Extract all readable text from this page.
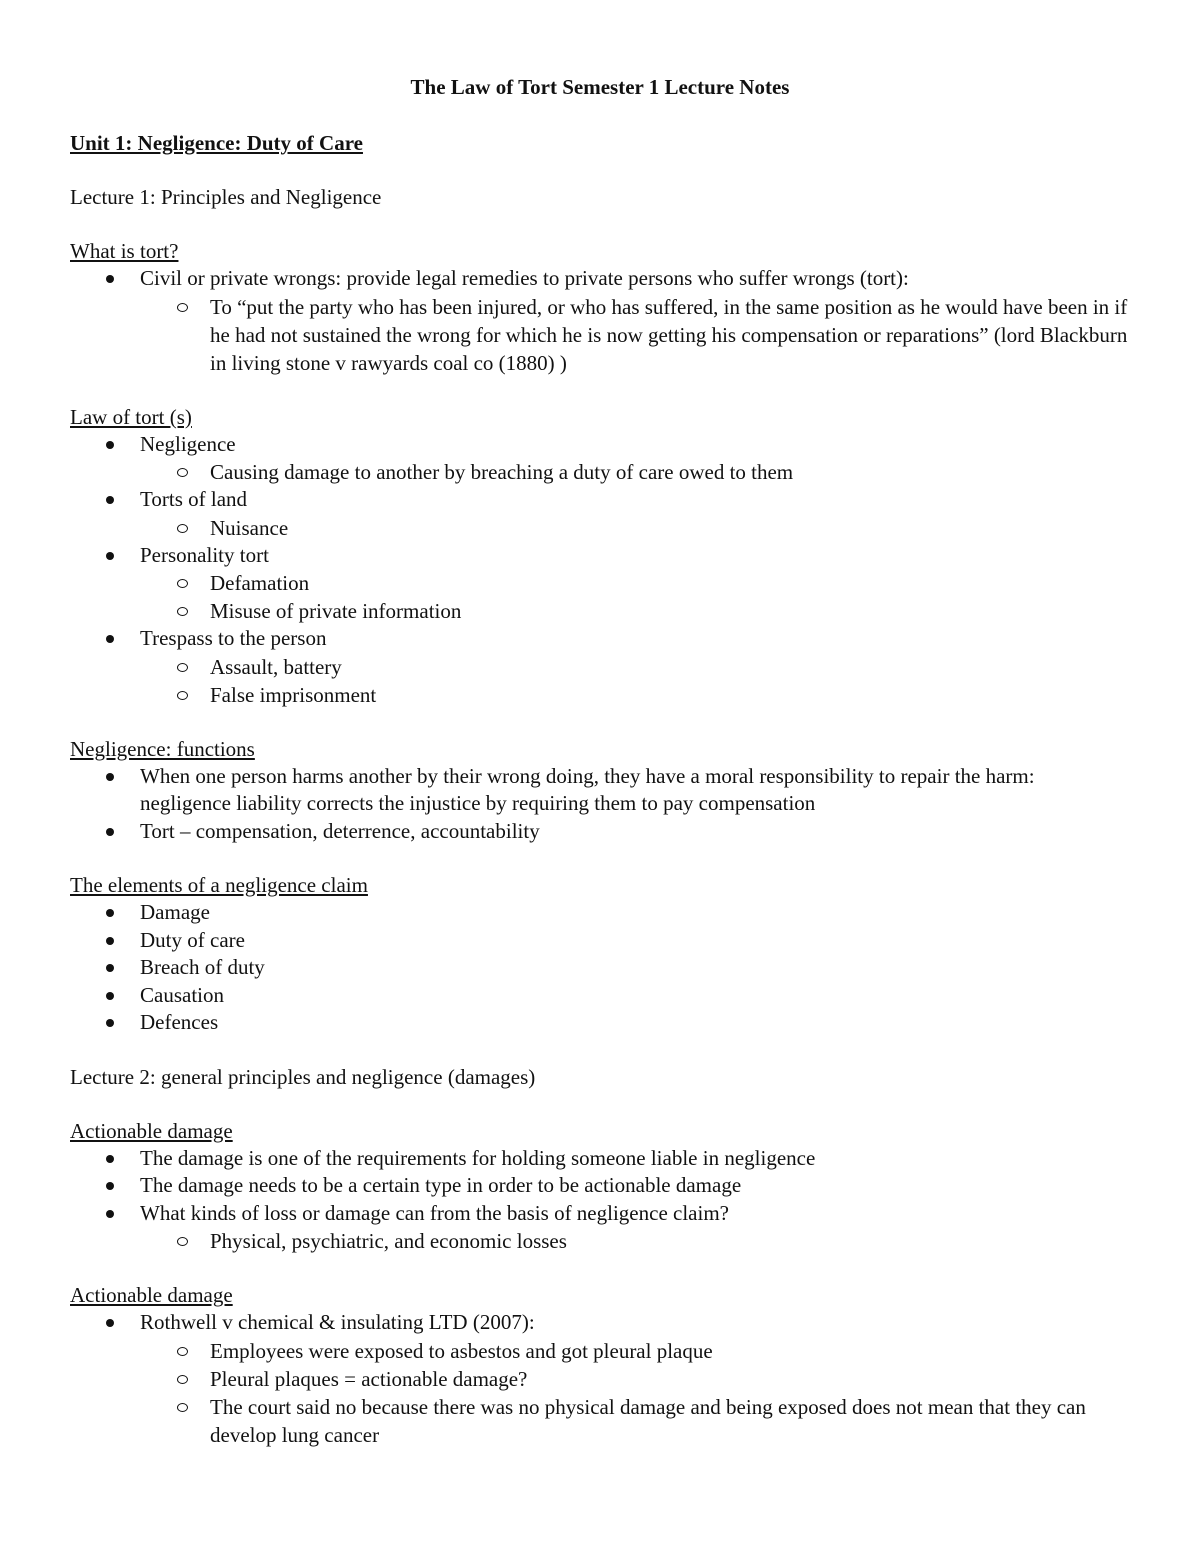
The Law of Tort Semester 1 Lecture Notes
Unit 1: Negligence: Duty of Care
Lecture 1: Principles and Negligence
What is tort?
Civil or private wrongs: provide legal remedies to private persons who suffer wrongs (tort):
To “put the party who has been injured, or who has suffered, in the same position as he would have been in if he had not sustained the wrong for which he is now getting his compensation or reparations” (lord Blackburn in living stone v rawyards coal co (1880) )
Law of tort (s)
Negligence
Causing damage to another by breaching a duty of care owed to them
Torts of land
Nuisance
Personality tort
Defamation
Misuse of private information
Trespass to the person
Assault, battery
False imprisonment
Negligence: functions
When one person harms another by their wrong doing, they have a moral responsibility to repair the harm: negligence liability corrects the injustice by requiring them to pay compensation
Tort – compensation, deterrence, accountability
The elements of a negligence claim
Damage
Duty of care
Breach of duty
Causation
Defences
Lecture 2: general principles and negligence (damages)
Actionable damage
The damage is one of the requirements for holding someone liable in negligence
The damage needs to be a certain type in order to be actionable damage
What kinds of loss or damage can from the basis of negligence claim?
Physical, psychiatric, and economic losses
Actionable damage
Rothwell v chemical & insulating LTD (2007):
Employees were exposed to asbestos and got pleural plaque
Pleural plaques = actionable damage?
The court said no because there was no physical damage and being exposed does not mean that they can develop lung cancer
